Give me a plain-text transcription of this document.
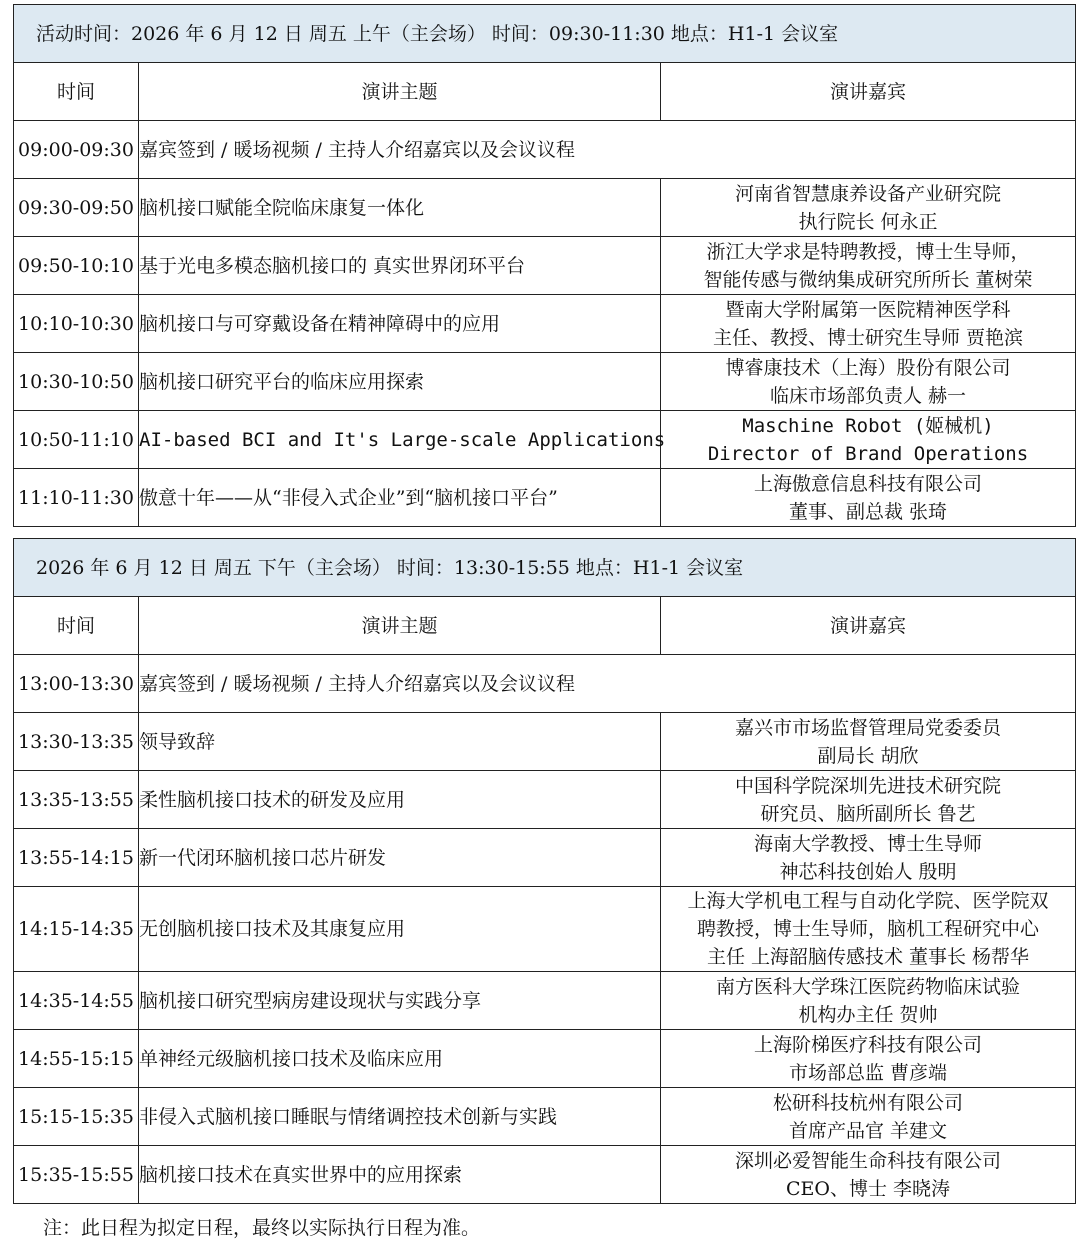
活动时间：2026 年 6 月 12 日 周五 上午（主会场） 时间：09:30-11:30 地点：H1-1 会议室		
时间	演讲主题	演讲嘉宾
09:00-09:30	嘉宾签到 / 暖场视频 / 主持人介绍嘉宾以及会议议程	
09:30-09:50	脑机接口赋能全院临床康复一体化	河南省智慧康养设备产业研究院
执行院长 何永正

09:50-10:10	基于光电多模态脑机接口的 真实世界闭环平台	浙江大学求是特聘教授，博士生导师，
智能传感与微纳集成研究所所长 董树荣

10:10-10:30	脑机接口与可穿戴设备在精神障碍中的应用	暨南大学附属第一医院精神医学科
主任、教授、博士研究生导师 贾艳滨

10:30-10:50	脑机接口研究平台的临床应用探索	博睿康技术（上海）股份有限公司
临床市场部负责人 赫一

10:50-11:10	AI-based BCI and It's Large-scale Applications	Maschine Robot (姬械机)
Director of Brand Operations

11:10-11:30	傲意十年——从“非侵入式企业”到“脑机接口平台”	上海傲意信息科技有限公司
董事、副总裁 张琦
2026 年 6 月 12 日 周五 下午（主会场） 时间：13:30-15:55 地点：H1-1 会议室		
时间	演讲主题	演讲嘉宾
13:00-13:30	嘉宾签到 / 暖场视频 / 主持人介绍嘉宾以及会议议程	
13:30-13:35	领导致辞	嘉兴市市场监督管理局党委委员
副局长 胡欣

13:35-13:55	柔性脑机接口技术的研发及应用	中国科学院深圳先进技术研究院
研究员、脑所副所长 鲁艺

13:55-14:15	新一代闭环脑机接口芯片研发	海南大学教授、博士生导师
神芯科技创始人 殷明

14:15-14:35	无创脑机接口技术及其康复应用	上海大学机电工程与自动化学院、医学院双
聘教授，博士生导师，脑机工程研究中心
主任 上海韶脑传感技术 董事长 杨帮华

14:35-14:55	脑机接口研究型病房建设现状与实践分享	南方医科大学珠江医院药物临床试验
机构办主任 贺帅

14:55-15:15	单神经元级脑机接口技术及临床应用	上海阶梯医疗科技有限公司
市场部总监 曹彦端

15:15-15:35	非侵入式脑机接口睡眠与情绪调控技术创新与实践	松研科技杭州有限公司
首席产品官 羊建文

15:35-15:55	脑机接口技术在真实世界中的应用探索	深圳必爱智能生命科技有限公司
CEO、博士 李晓涛
注：此日程为拟定日程，最终以实际执行日程为准。
